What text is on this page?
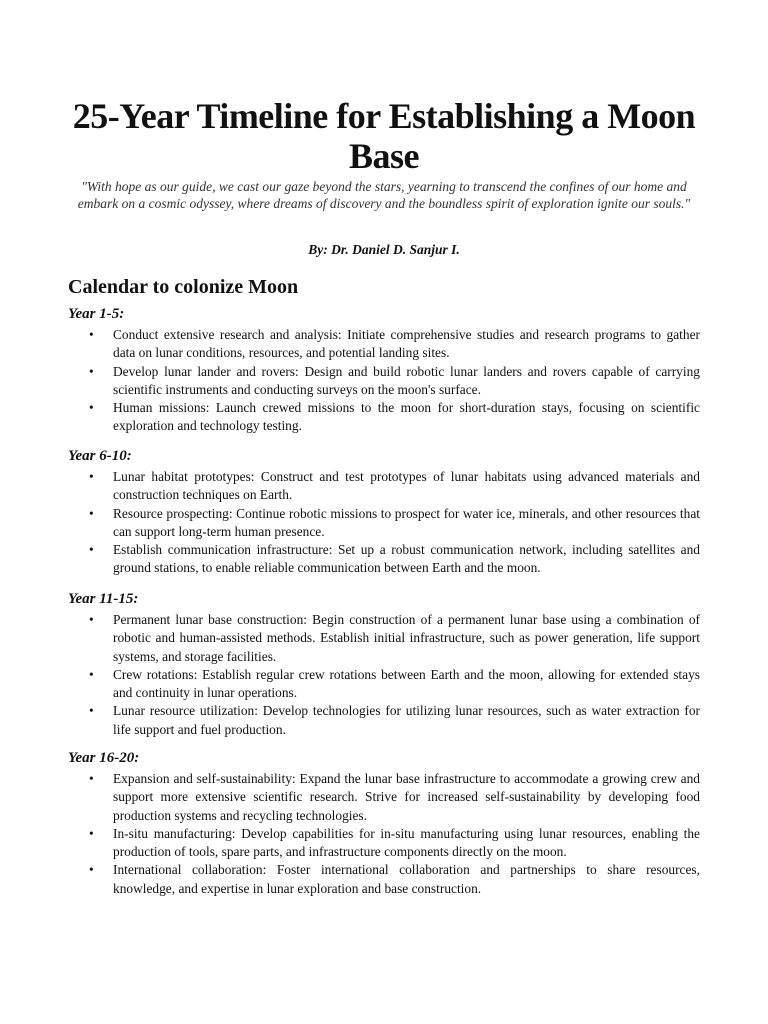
25-Year Timeline for Establishing a Moon Base
"With hope as our guide, we cast our gaze beyond the stars, yearning to transcend the confines of our home and embark on a cosmic odyssey, where dreams of discovery and the boundless spirit of exploration ignite our souls."
By: Dr. Daniel D. Sanjur I.
Calendar to colonize Moon
Year 1-5:
• Conduct extensive research and analysis: Initiate comprehensive studies and research programs to gather data on lunar conditions, resources, and potential landing sites.
• Develop lunar lander and rovers: Design and build robotic lunar landers and rovers capable of carrying scientific instruments and conducting surveys on the moon's surface.
• Human missions: Launch crewed missions to the moon for short-duration stays, focusing on scientific exploration and technology testing.
Year 6-10:
• Lunar habitat prototypes: Construct and test prototypes of lunar habitats using advanced materials and construction techniques on Earth.
• Resource prospecting: Continue robotic missions to prospect for water ice, minerals, and other resources that can support long-term human presence.
• Establish communication infrastructure: Set up a robust communication network, including satellites and ground stations, to enable reliable communication between Earth and the moon.
Year 11-15:
• Permanent lunar base construction: Begin construction of a permanent lunar base using a combination of robotic and human-assisted methods. Establish initial infrastructure, such as power generation, life support systems, and storage facilities.
• Crew rotations: Establish regular crew rotations between Earth and the moon, allowing for extended stays and continuity in lunar operations.
• Lunar resource utilization: Develop technologies for utilizing lunar resources, such as water extraction for life support and fuel production.
Year 16-20:
• Expansion and self-sustainability: Expand the lunar base infrastructure to accommodate a growing crew and support more extensive scientific research. Strive for increased self-sustainability by developing food production systems and recycling technologies.
• In-situ manufacturing: Develop capabilities for in-situ manufacturing using lunar resources, enabling the production of tools, spare parts, and infrastructure components directly on the moon.
• International collaboration: Foster international collaboration and partnerships to share resources, knowledge, and expertise in lunar exploration and base construction.
